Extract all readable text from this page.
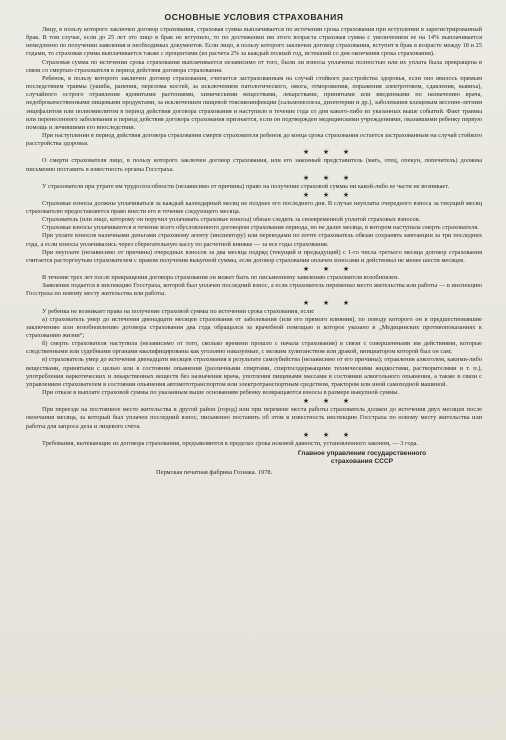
ОСНОВНЫЕ УСЛОВИЯ СТРАХОВАНИЯ

Лицу, в пользу которого заключен договор страхования, страховая сумма выплачивается по истечении срока страхования при вступлении в зарегистрированный брак. В том случае, если до 25 лет это лицо в брак не вступило, то по достижении им этого возраста страховая сумма с увеличением ее на 14% выплачивается немедленно по получении заявления и необходимых документов. Если лицо, в пользу которого заключен договор страхования, вступит в брак в возрасте между 18 и 25 годами, то страховая сумма выплачивается также с процентами (из расчета 2% за каждый полный год, истекший со дня окончания срока страхования).

Страховая сумма по истечении срока страхования выплачивается независимо от того, были ли взносы уплачены полностью или их уплата была прекращена в связи со смертью страхователя в период действия договора страхования.

Ребенок, в пользу которого заключен договор страхования, считается застрахованным на случай стойкого расстройства здоровья, если оно явилось прямым последствием травмы (ушиба, ранения, перелома костей, за исключением патологического, ожога, отморожения, поражения электротоком, сдавления, вывиха), случайного острого отравления ядовитыми растениями, химическими веществами, лекарствами, принятыми или введенными по назначению врача, недоброкачественными пищевыми продуктами, за исключением пищевой токсикоинфекции (сальмонеллеза, дизентерии и др.), заболевания клещевым весенне-летним энцефалитом или полиомиелитом в период действия договора страхования и наступило в течение года со дня какого-либо из указанных выше событий. Факт травмы или перенесенного заболевания в период действия договора страхования признается, если он подтвержден медицинскими учреждениями, оказавшими ребенку первую помощь и лечившими его впоследствии.

При наступлении в период действия договора страхования смерти страхователя ребенок до конца срока страхования остается застрахованным на случай стойкого расстройства здоровья.

★ ★ ★

О смерти страхователя лицо, в пользу которого заключен договор страхования, или его законный представитель (мать, отец, опекун, попечитель) должны письменно поставить в известность органы Госстраха.

★ ★ ★

У страхователя при утрате им трудоспособности (независимо от причины) право на получение страховой суммы ни какой-либо ее части не возникает.

★ ★ ★

Страховые взносы должны уплачиваться за каждый календарный месяц не позднее его последнего дня. В случае неуплаты очередного взноса за текущий месяц страхователю предоставляется право внести его в течение следующего месяца.

Страхователь (или лицо, которому он поручил уплачивать страховые взносы) обязан следить за своевременной уплатой страховых взносов.

Страховые взносы уплачиваются в течение всего обусловленного договором страхования периода, но не далее месяца, в котором наступила смерть страхователя.

При уплате взносов наличными деньгами страховому агенту (инспектору) или переводами по почте страхователь обязан сохранять квитанции за три последних года, а если взносы уплачивались через сберегательную кассу по расчетной книжке — за все годы страхования.

При неуплате (независимо от причины) очередных взносов за два месяца подряд (текущий и предыдущий) с 1-го числа третьего месяца договор страхования считается расторгнутым страхователем с правом получения выкупной суммы, если договор страхования оплачен взносами и действовал не менее шести месяцев.

★ ★ ★

В течение трех лет после прекращения договора страхования он может быть по письменному заявлению страхователя возобновлен.

Заявление подается в инспекцию Госстраха, которой был уплачен последний взнос, а если страхователь переменил место жительства или работы — в инспекцию Госстраха по новому месту жительства или работы.

★ ★ ★

У ребенка не возникает права на получение страховой суммы по истечении срока страхования, если:

а) страхователь умер до истечения двенадцати месяцев страхования от заболевания (или его прямого влияния), по поводу которого он в предшествовавшие заключению или возобновлению договора страхования два года обращался за врачебной помощью и которое указано в „Медицинских противопоказаниях к страхованию жизни“;

б) смерть страхователя наступила (независимо от того, сколько времени прошло с начала страхования) в связи с совершенными им действиями, которые следственными или судебными органами квалифицированы как уголовно наказуемые, с мелким хулиганством или дракой, инициатором которой был он сам;

в) страхователь умер до истечения двенадцати месяцев страхования в результате самоубийства (независимо от его причины); отравления алкоголем, какими-либо веществами, принятыми с целью или в состоянии опьянения (различными спиртами, спиртосодержащими техническими жидкостями, растворителями и т. п.), употребления наркотических и лекарственных веществ без назначения врача, употления пищевыми массами в состоянии алкогольного опьянения, а также в связи с управлением страхователем в состоянии опьянения автомототранспортом или электротранспортным средством, трактором или иной самоходной машиной.

При отказе в выплате страховой суммы по указанным выше основаниям ребенку возвращаются взносы в размере выкупной суммы.

★ ★ ★

При переезде на постоянное место жительства в другой район (город) или при перемене места работы страхователь должен до истечения двух месяцев после окончания месяца, за который был уплачен последний взнос, письменно поставить об этом в известность инспекцию Госстраха по новому месту жительства или работы для запроса дела и лицевого счета.

★ ★ ★

Требования, вытекающие из договора страхования, предъявляются в пределах срока исковой давности, установленного законом, — 3 года.

Главное управление государственного
страхования СССР

Пермская печатная фабрика Гознака. 1978.
